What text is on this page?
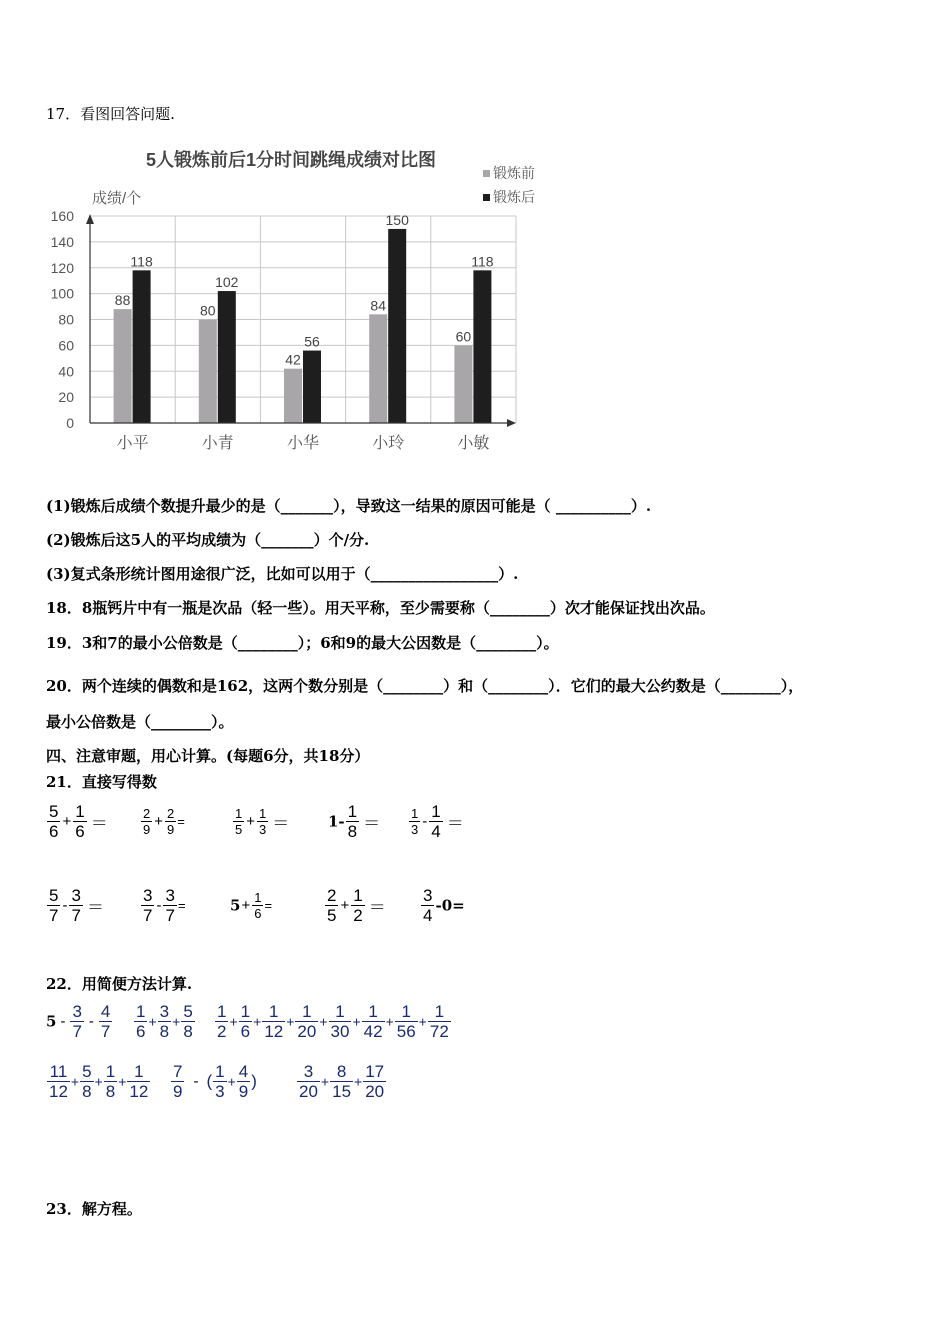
17．看图回答问题.
5人锻炼前后1分时间跳绳成绩对比图
成绩/个
锻炼前
锻炼后
160
140
120
100
80
60
40
20
0
88
118
80
102
42
56
84
150
60
118
小平	小青	小华	小玲	小敏
(1)锻炼后成绩个数提升最少的是（_______），导致这一结果的原因可能是（ __________）.
(2)锻炼后这5人的平均成绩为（_______）个/分.
(3)复式条形统计图用途很广泛，比如可以用于（_________________）.
18．8瓶钙片中有一瓶是次品（轻一些）。用天平称，至少需要称（________）次才能保证找出次品。
19．3和7的最小公倍数是（________）；6和9的最大公因数是（________）。
20．两个连续的偶数和是162，这两个数分别是（________）和（________）．它们的最大公约数是（________），
最小公倍数是（________）。
四、注意审题，用心计算。(每题6分，共18分）
21．直接写得数
$\frac{5}{6} + \frac{1}{6}$ ＝	$\frac{2}{9} + \frac{2}{9}$ =	$\frac{1}{5} + \frac{1}{3}$ ＝	$1- \frac{1}{8} = \frac{1}{3} - \frac{1}{4}$ ＝
$\frac{5}{7} - \frac{3}{7} = \frac{3}{7} - \frac{3}{7}$ =	$5+ \frac{1}{6}$ =	$\frac{2}{5} + \frac{1}{2} = \frac{3}{4} -0=$
22．用简便方法计算.
$5 - \frac{3}{7} - \frac{4}{7} \frac{1}{6} + \frac{3}{8} + \frac{5}{8} \frac{1}{2} + \frac{1}{6} + \frac{1}{12} + \frac{1}{20} + \frac{1}{30} + \frac{1}{42} + \frac{1}{56} + \frac{1}{72}$
$\frac{11}{12} + \frac{5}{8} + \frac{1}{8} + \frac{1}{12} \frac{7}{9}$ - ( $\frac{1}{3} + \frac{4}{9}$ ) $\frac{3}{20} + \frac{8}{15} + \frac{17}{20}$
23．解方程。
